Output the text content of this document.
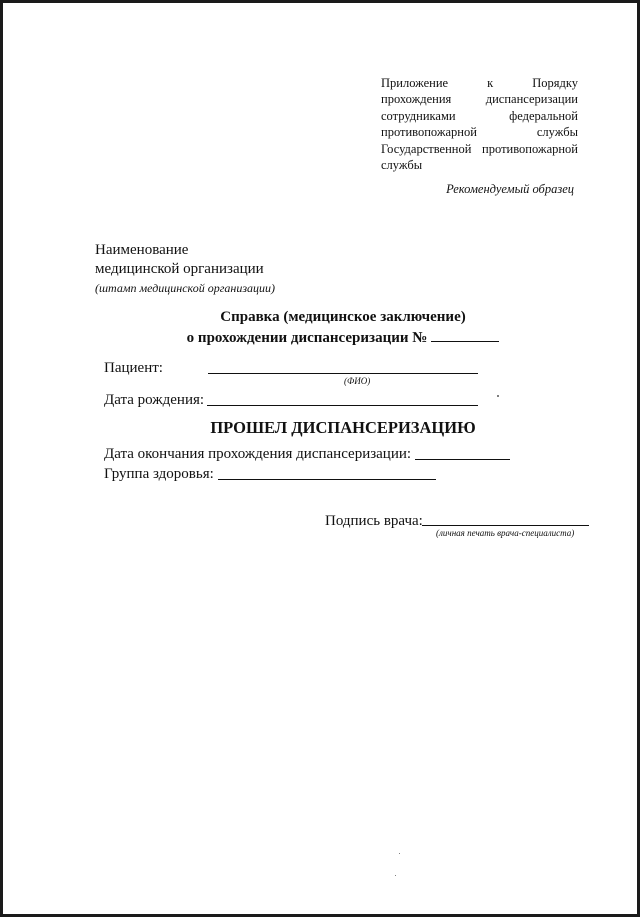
Приложение к Порядку
прохождения диспансеризации
сотрудниками федеральной
противопожарной службы
Государственной противопожарной
службы
Рекомендуемый образец
Наименование
медицинской организации
(штамп медицинской организации)
Справка (медицинское заключение)
о прохождении диспансеризации №
Пациент:
(ФИО)
Дата рождения:
ПРОШЕЛ ДИСПАНСЕРИЗАЦИЮ
Дата окончания прохождения диспансеризации:
Группа здоровья:
Подпись врача:
(личная печать врача-специалиста)
